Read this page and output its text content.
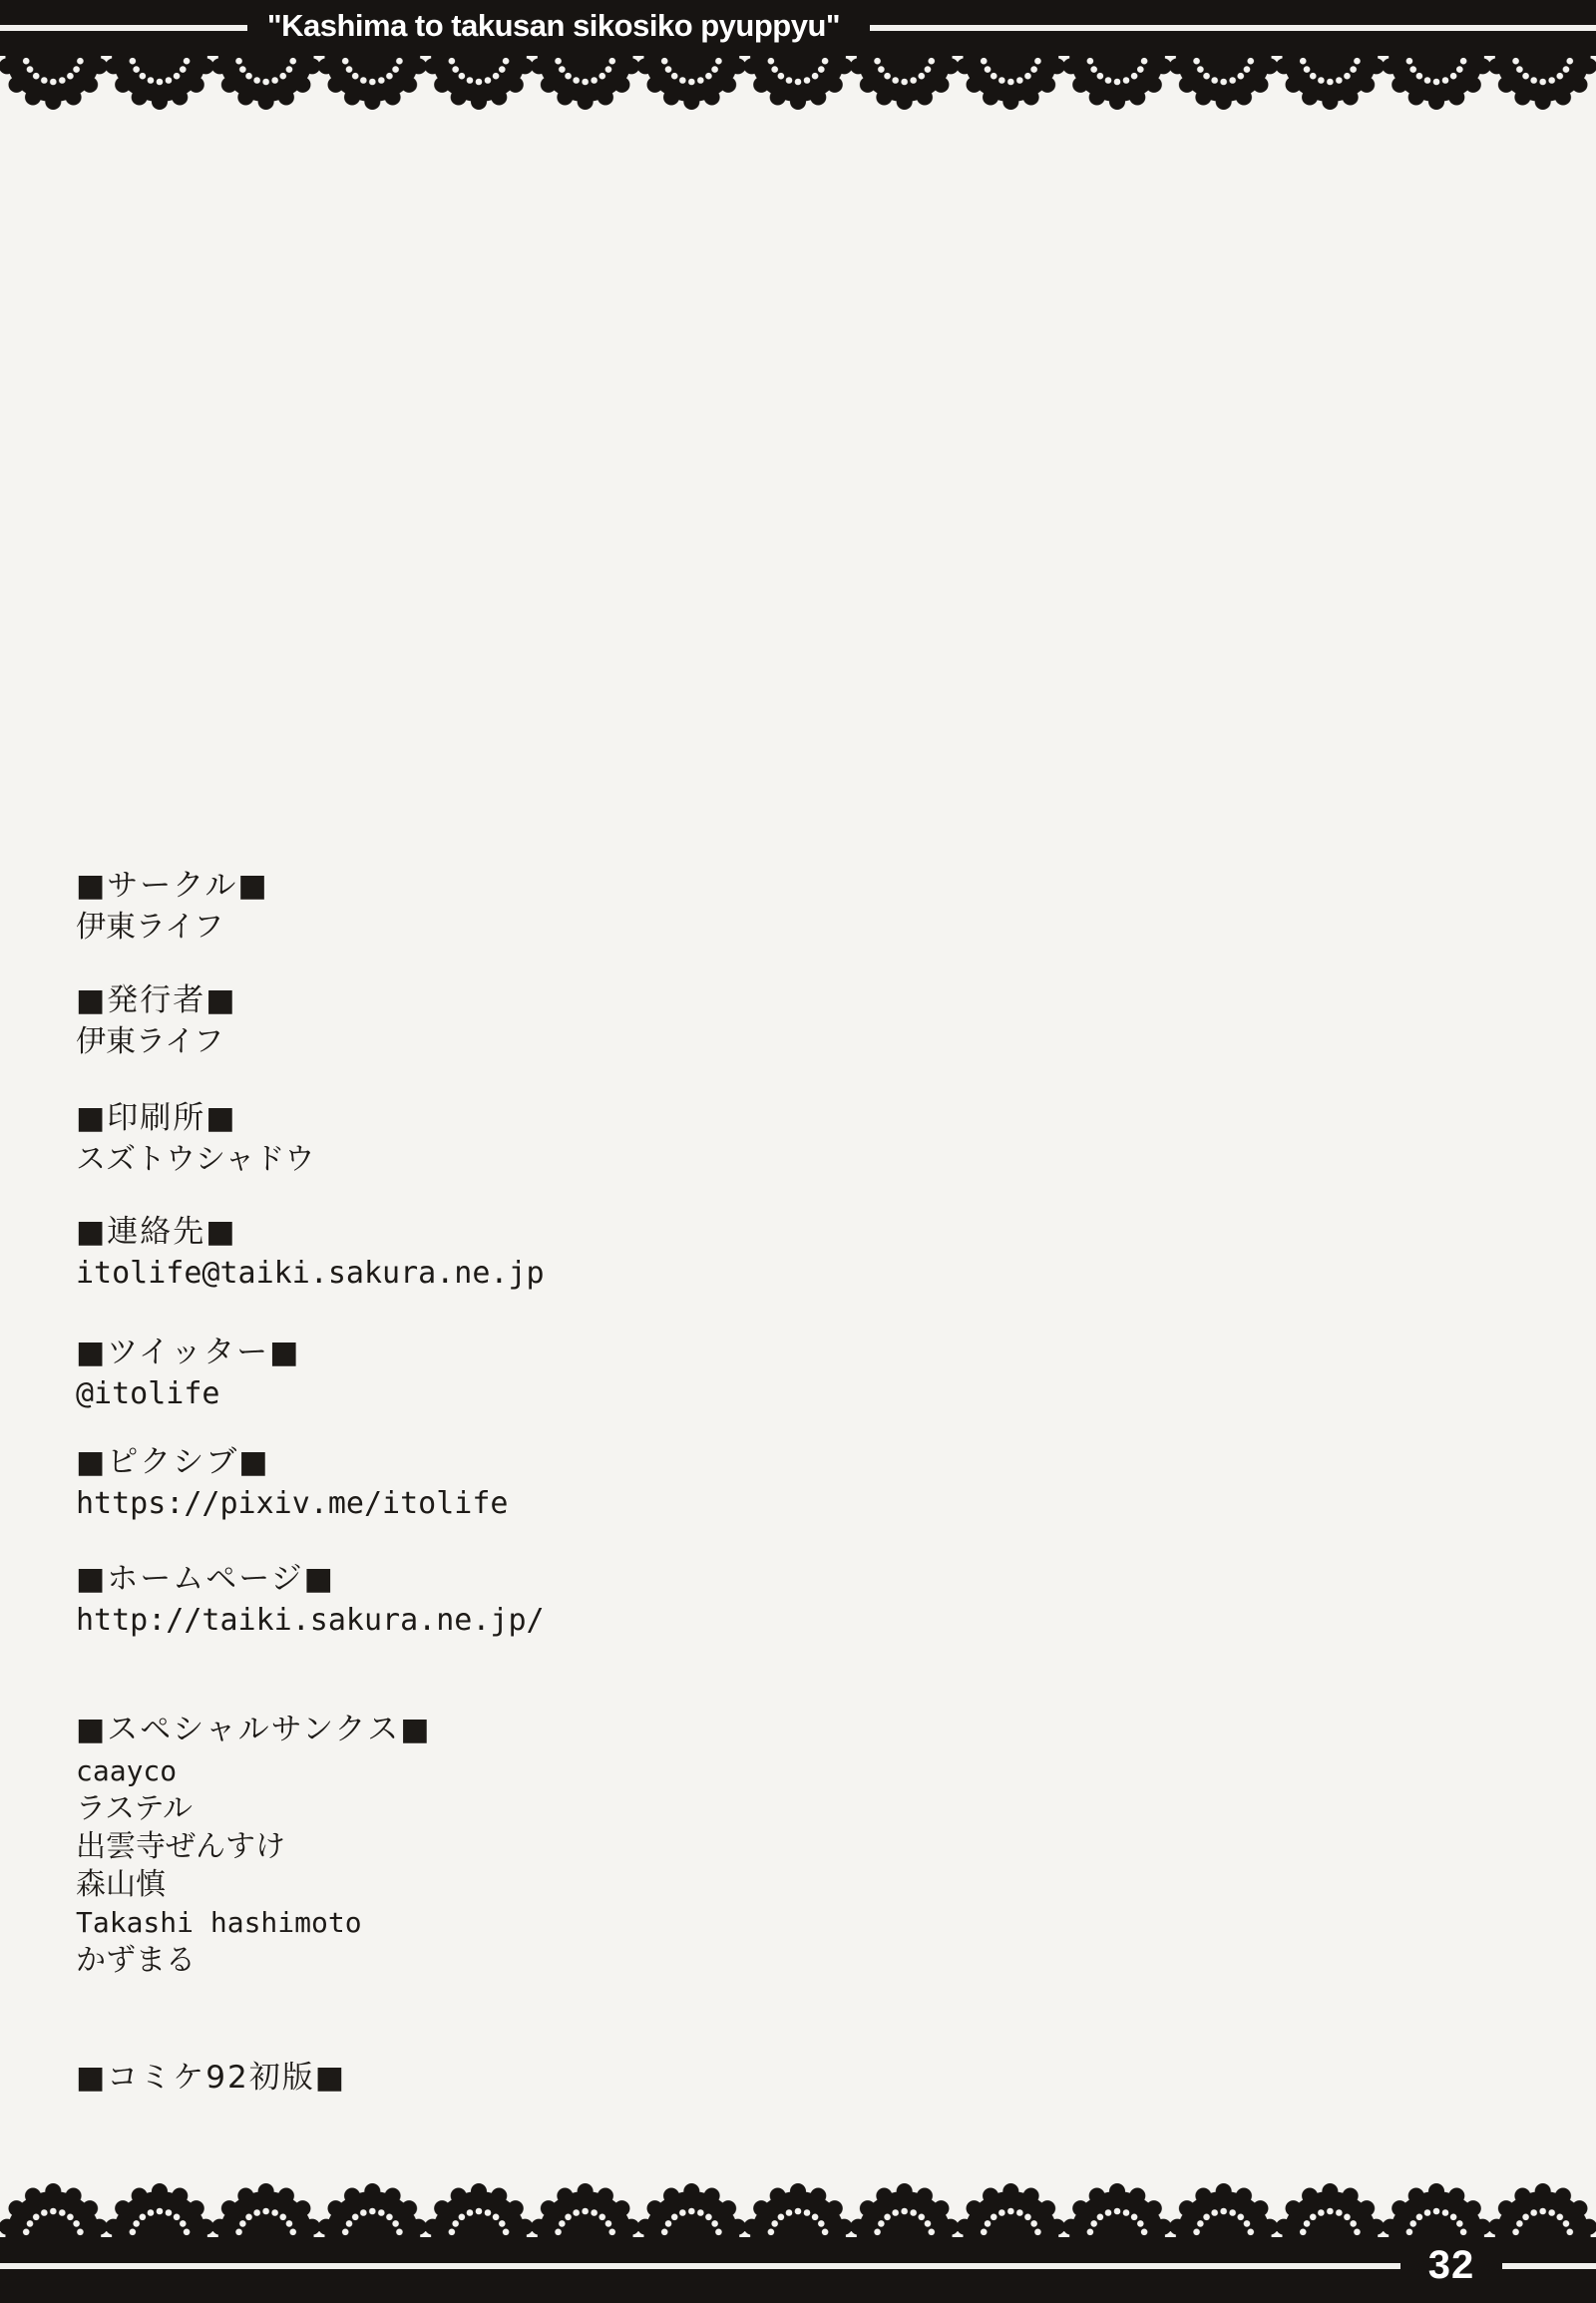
"Kashima to takusan sikosiko pyuppyu"
■サークル■
伊東ライフ
■発行者■
伊東ライフ
■印刷所■
スズトウシャドウ
■連絡先■
itolife@taiki.sakura.ne.jp
■ツイッター■
@itolife
■ピクシブ■
https://pixiv.me/itolife
■ホームページ■
http://taiki.sakura.ne.jp/
■スペシャルサンクス■
caayco
ラステル
出雲寺ぜんすけ
森山慎
Takashi hashimoto
かずまる
■コミケ92初版■
32
